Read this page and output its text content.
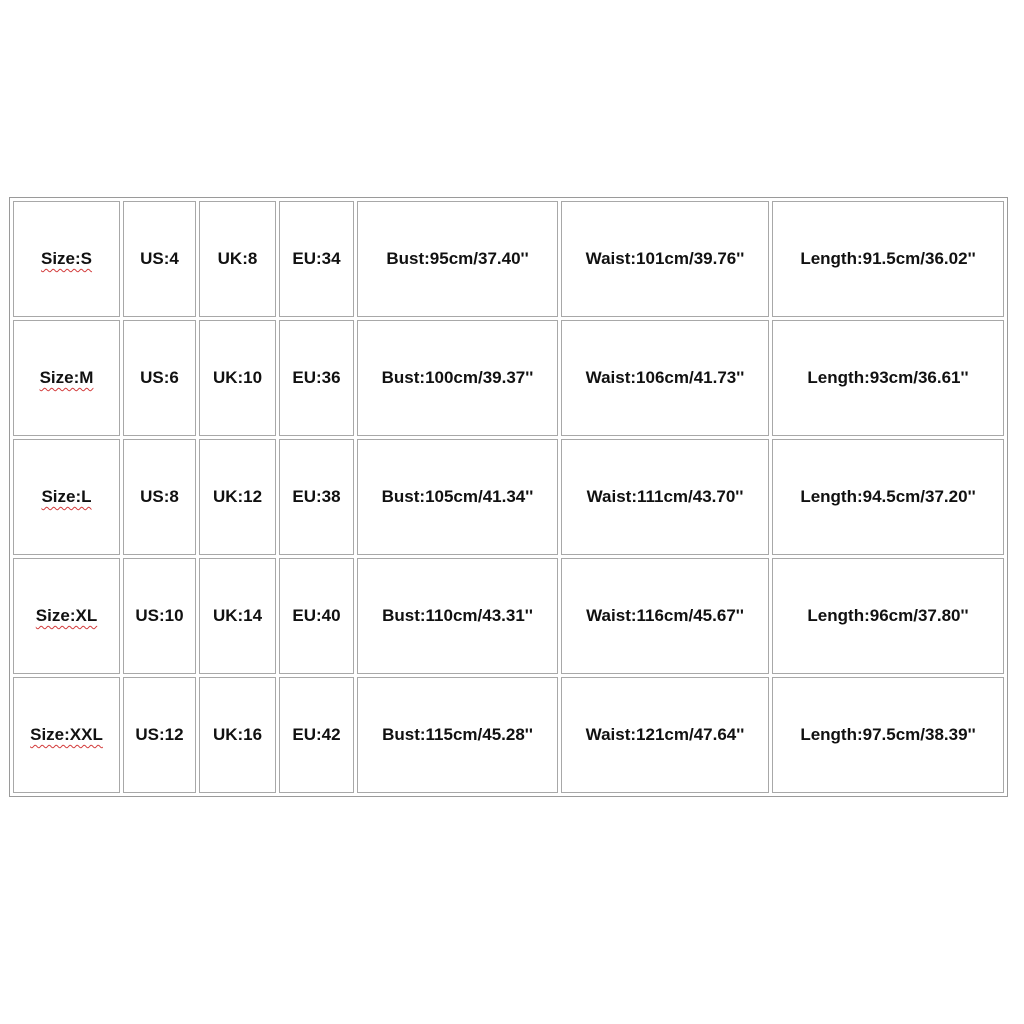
Size:S	US:4	UK:8	EU:34	Bust:95cm/37.40''	Waist:101cm/39.76''	Length:91.5cm/36.02''
Size:M	US:6	UK:10	EU:36	Bust:100cm/39.37''	Waist:106cm/41.73''	Length:93cm/36.61''
Size:L	US:8	UK:12	EU:38	Bust:105cm/41.34''	Waist:111cm/43.70''	Length:94.5cm/37.20''
Size:XL	US:10	UK:14	EU:40	Bust:110cm/43.31''	Waist:116cm/45.67''	Length:96cm/37.80''
Size:XXL	US:12	UK:16	EU:42	Bust:115cm/45.28''	Waist:121cm/47.64''	Length:97.5cm/38.39''
